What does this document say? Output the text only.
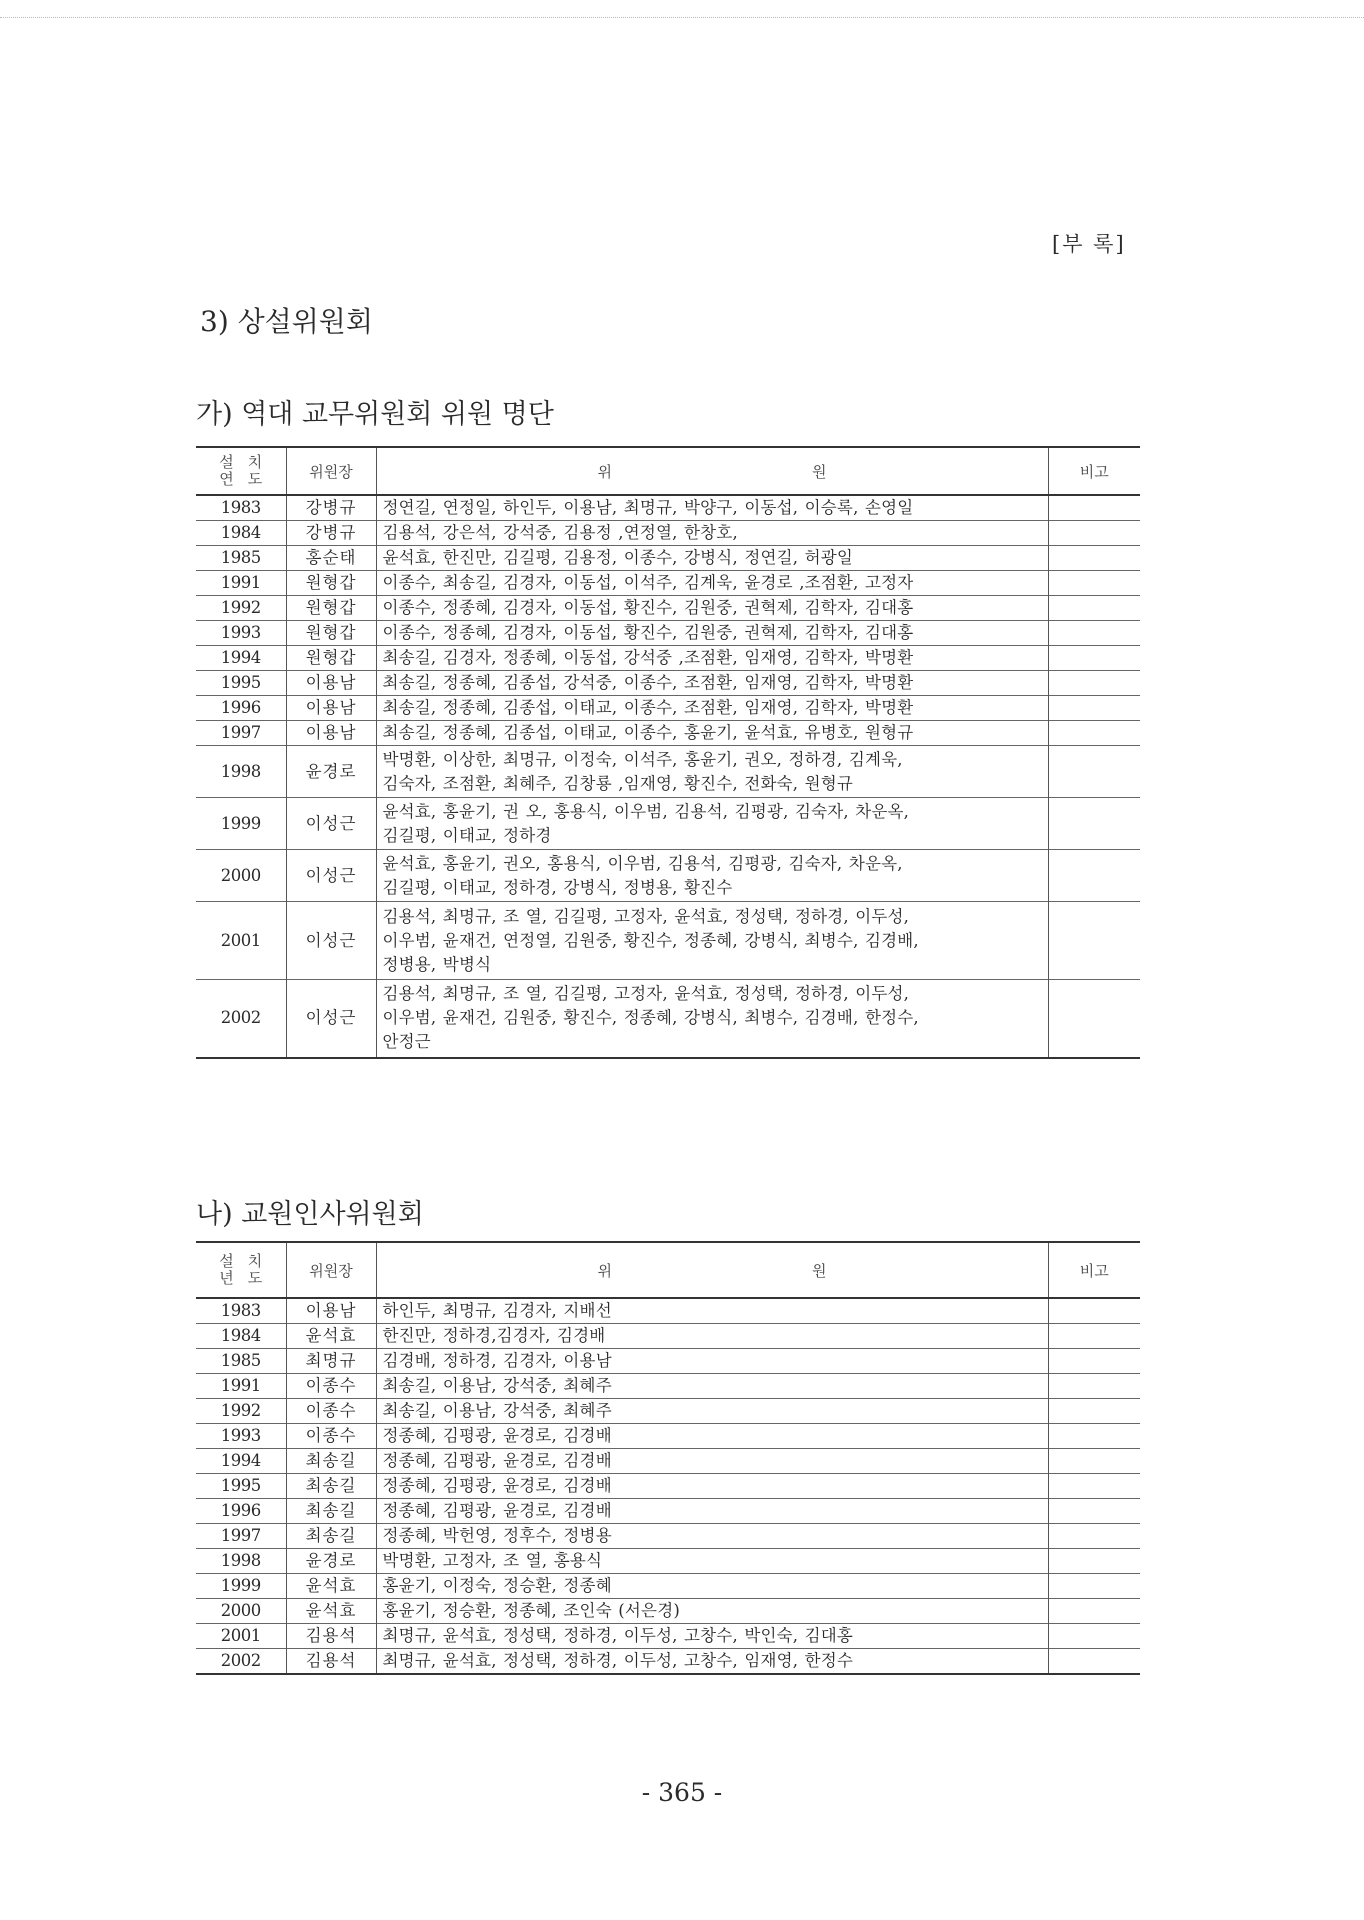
[부 록]
3) 상설위원회
가) 역대 교무위원회 위원 명단
설치
연도	위원장	위 원	비고
1983	강병규	정연길, 연정일, 하인두, 이용남, 최명규, 박양구, 이동섭, 이승록, 손영일	

1984	강병규	김용석, 강은석, 강석중, 김용정 ,연정열, 한창호,	

1985	홍순태	윤석효, 한진만, 김길평, 김용정, 이종수, 강병식, 정연길, 허광일	

1991	원형갑	이종수, 최송길, 김경자, 이동섭, 이석주, 김계욱, 윤경로 ,조점환, 고정자	

1992	원형갑	이종수, 정종혜, 김경자, 이동섭, 황진수, 김원중, 권혁제, 김학자, 김대홍	

1993	원형갑	이종수, 정종혜, 김경자, 이동섭, 황진수, 김원중, 권혁제, 김학자, 김대홍	

1994	원형갑	최송길, 김경자, 정종혜, 이동섭, 강석중 ,조점환, 임재영, 김학자, 박명환	

1995	이용남	최송길, 정종혜, 김종섭, 강석중, 이종수, 조점환, 임재영, 김학자, 박명환	

1996	이용남	최송길, 정종혜, 김종섭, 이태교, 이종수, 조점환, 임재영, 김학자, 박명환	

1997	이용남	최송길, 정종혜, 김종섭, 이태교, 이종수, 홍윤기, 윤석효, 유병호, 원형규	

1998	윤경로	박명환, 이상한, 최명규, 이정숙, 이석주, 홍윤기, 권오, 정하경, 김계욱,
김숙자, 조점환, 최혜주, 김창룡 ,임재영, 황진수, 전화숙, 원형규	

1999	이성근	윤석효, 홍윤기, 권 오, 홍용식, 이우범, 김용석, 김평광, 김숙자, 차운옥,
김길평, 이태교, 정하경	

2000	이성근	윤석효, 홍윤기, 권오, 홍용식, 이우범, 김용석, 김평광, 김숙자, 차운옥,
김길평, 이태교, 정하경, 강병식, 정병용, 황진수	

2001	이성근	김용석, 최명규, 조 열, 김길평, 고정자, 윤석효, 정성택, 정하경, 이두성,
이우범, 윤재건, 연정열, 김원중, 황진수, 정종혜, 강병식, 최병수, 김경배,
정병용, 박병식	

2002	이성근	김용석, 최명규, 조 열, 김길평, 고정자, 윤석효, 정성택, 정하경, 이두성,
이우범, 윤재건, 김원중, 황진수, 정종혜, 강병식, 최병수, 김경배, 한정수,
안정근	

나) 교원인사위원회
설치
년도	위원장	위 원	비고
1983	이용남	하인두, 최명규, 김경자, 지배선	

1984	윤석효	한진만, 정하경,김경자, 김경배	

1985	최명규	김경배, 정하경, 김경자, 이용남	

1991	이종수	최송길, 이용남, 강석중, 최혜주	

1992	이종수	최송길, 이용남, 강석중, 최혜주	

1993	이종수	정종혜, 김평광, 윤경로, 김경배	

1994	최송길	정종혜, 김평광, 윤경로, 김경배	

1995	최송길	정종혜, 김평광, 윤경로, 김경배	

1996	최송길	정종혜, 김평광, 윤경로, 김경배	

1997	최송길	정종혜, 박헌영, 정후수, 정병용	

1998	윤경로	박명환, 고정자, 조 열, 홍용식	

1999	윤석효	홍윤기, 이정숙, 정승환, 정종혜	

2000	윤석효	홍윤기, 정승환, 정종혜, 조인숙 (서은경)	

2001	김용석	최명규, 윤석효, 정성택, 정하경, 이두성, 고창수, 박인숙, 김대홍	

2002	김용석	최명규, 윤석효, 정성택, 정하경, 이두성, 고창수, 임재영, 한정수	

- 365 -
